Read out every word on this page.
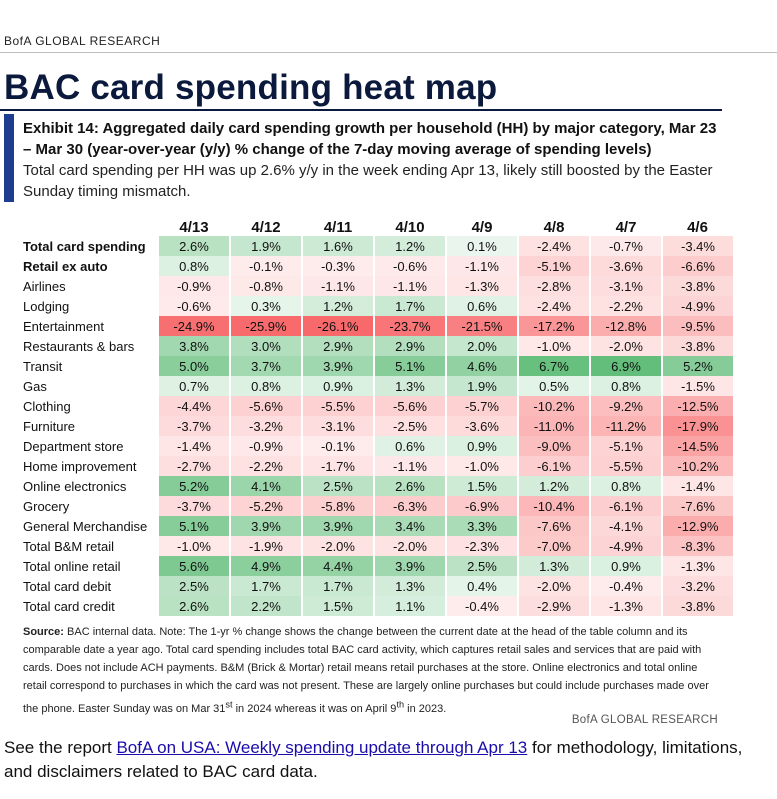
BofA GLOBAL RESEARCH
BAC card spending heat map
Exhibit 14: Aggregated daily card spending growth per household (HH) by major category, Mar 23 – Mar 30 (year-over-year (y/y) % change of the 7-day moving average of spending levels)
Total card spending per HH was up 2.6% y/y in the week ending Apr 13, likely still boosted by the Easter Sunday timing mismatch.
	4/13	4/12	4/11	4/10	4/9	4/8	4/7	4/6
Total card spending	2.6%	1.9%	1.6%	1.2%	0.1%	-2.4%	-0.7%	-3.4%
Retail ex auto	0.8%	-0.1%	-0.3%	-0.6%	-1.1%	-5.1%	-3.6%	-6.6%
Airlines	-0.9%	-0.8%	-1.1%	-1.1%	-1.3%	-2.8%	-3.1%	-3.8%
Lodging	-0.6%	0.3%	1.2%	1.7%	0.6%	-2.4%	-2.2%	-4.9%
Entertainment	-24.9%	-25.9%	-26.1%	-23.7%	-21.5%	-17.2%	-12.8%	-9.5%
Restaurants & bars	3.8%	3.0%	2.9%	2.9%	2.0%	-1.0%	-2.0%	-3.8%
Transit	5.0%	3.7%	3.9%	5.1%	4.6%	6.7%	6.9%	5.2%
Gas	0.7%	0.8%	0.9%	1.3%	1.9%	0.5%	0.8%	-1.5%
Clothing	-4.4%	-5.6%	-5.5%	-5.6%	-5.7%	-10.2%	-9.2%	-12.5%
Furniture	-3.7%	-3.2%	-3.1%	-2.5%	-3.6%	-11.0%	-11.2%	-17.9%
Department store	-1.4%	-0.9%	-0.1%	0.6%	0.9%	-9.0%	-5.1%	-14.5%
Home improvement	-2.7%	-2.2%	-1.7%	-1.1%	-1.0%	-6.1%	-5.5%	-10.2%
Online electronics	5.2%	4.1%	2.5%	2.6%	1.5%	1.2%	0.8%	-1.4%
Grocery	-3.7%	-5.2%	-5.8%	-6.3%	-6.9%	-10.4%	-6.1%	-7.6%
General Merchandise	5.1%	3.9%	3.9%	3.4%	3.3%	-7.6%	-4.1%	-12.9%
Total B&M retail	-1.0%	-1.9%	-2.0%	-2.0%	-2.3%	-7.0%	-4.9%	-8.3%
Total online retail	5.6%	4.9%	4.4%	3.9%	2.5%	1.3%	0.9%	-1.3%
Total card debit	2.5%	1.7%	1.7%	1.3%	0.4%	-2.0%	-0.4%	-3.2%
Total card credit	2.6%	2.2%	1.5%	1.1%	-0.4%	-2.9%	-1.3%	-3.8%
Source: BAC internal data. Note: The 1-yr % change shows the change between the current date at the head of the table column and its comparable date a year ago. Total card spending includes total BAC card activity, which captures retail sales and services that are paid with cards. Does not include ACH payments. B&M (Brick & Mortar) retail means retail purchases at the store. Online electronics and total online retail correspond to purchases in which the card was not present. These are largely online purchases but could include purchases made over the phone. Easter Sunday was on Mar 31st in 2024 whereas it was on April 9th in 2023.
BofA GLOBAL RESEARCH
See the report BofA on USA: Weekly spending update through Apr 13 for methodology, limitations, and disclaimers related to BAC card data.
